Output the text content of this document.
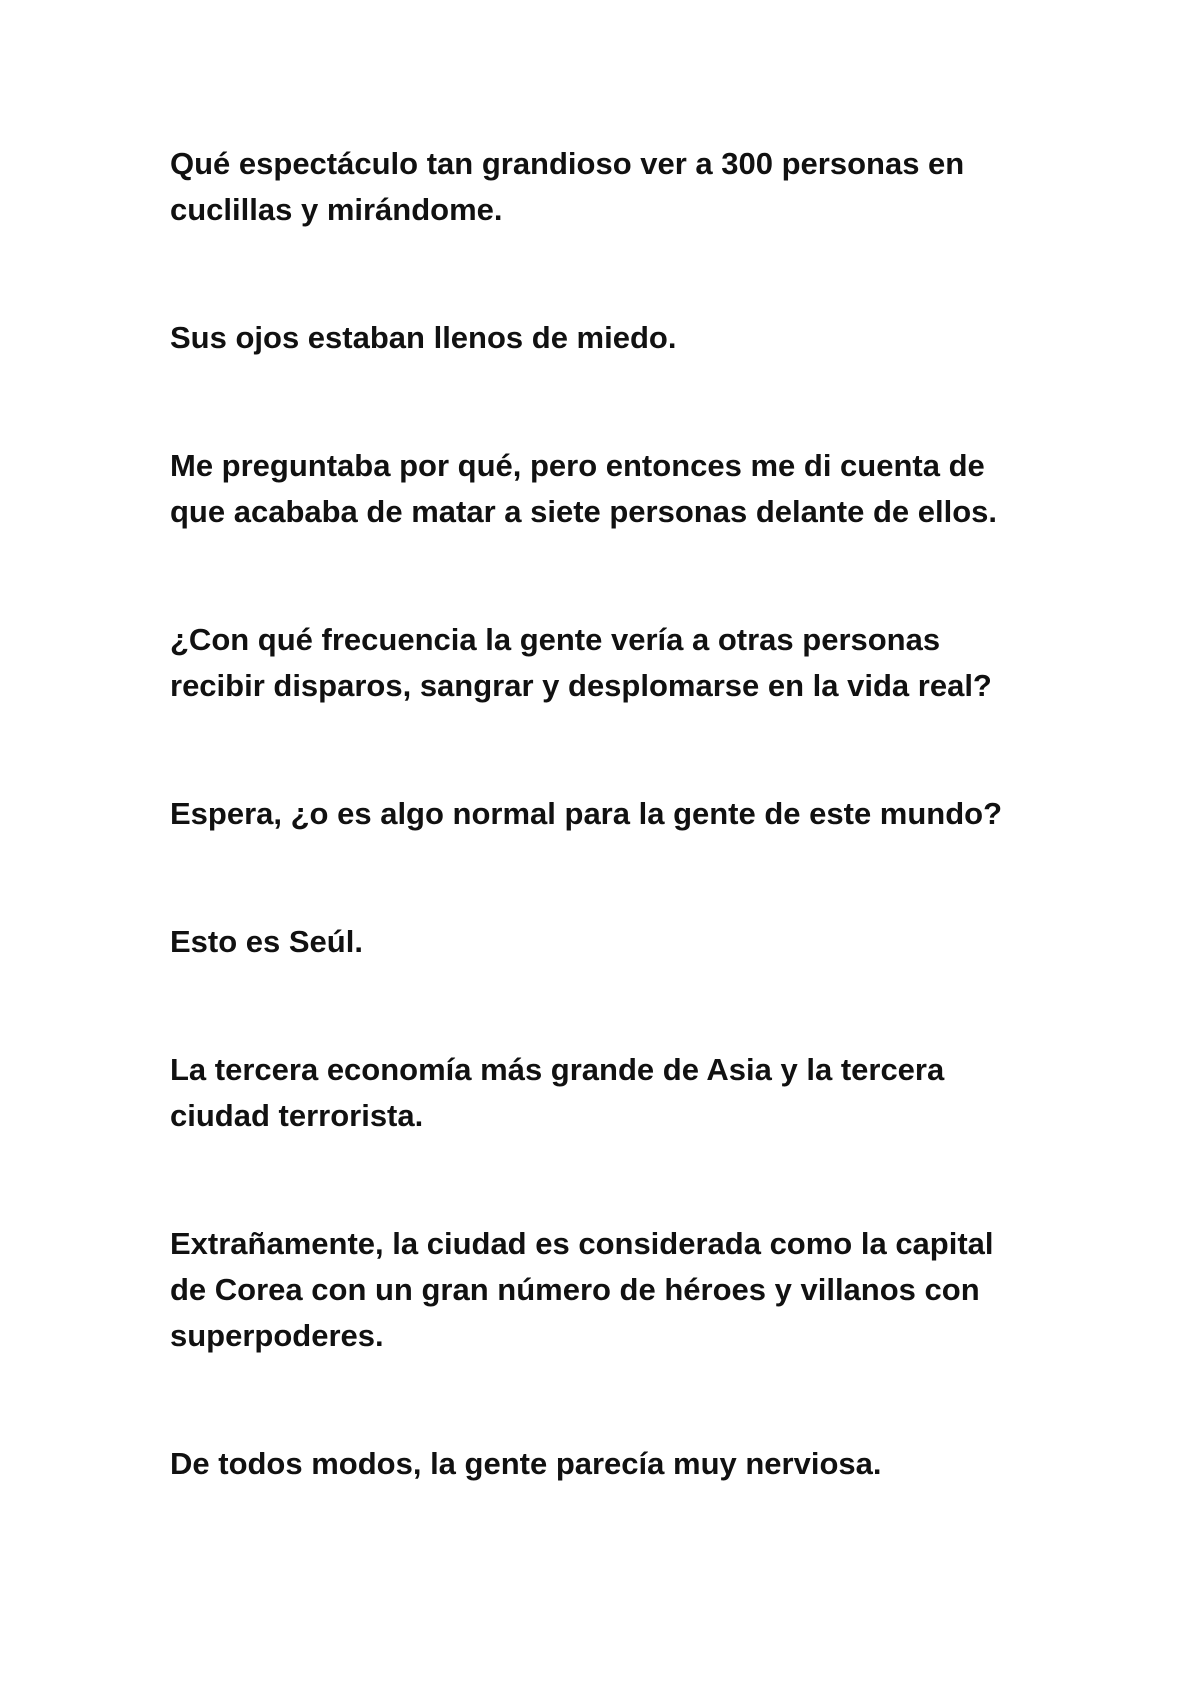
Qué espectáculo tan grandioso ver a 300 personas en
cuclillas y mirándome.

Sus ojos estaban llenos de miedo.

Me preguntaba por qué, pero entonces me di cuenta de
que acababa de matar a siete personas delante de ellos.

¿Con qué frecuencia la gente vería a otras personas
recibir disparos, sangrar y desplomarse en la vida real?

Espera, ¿o es algo normal para la gente de este mundo?

Esto es Seúl.

La tercera economía más grande de Asia y la tercera
ciudad terrorista.

Extrañamente, la ciudad es considerada como la capital
de Corea con un gran número de héroes y villanos con
superpoderes.

De todos modos, la gente parecía muy nerviosa.
